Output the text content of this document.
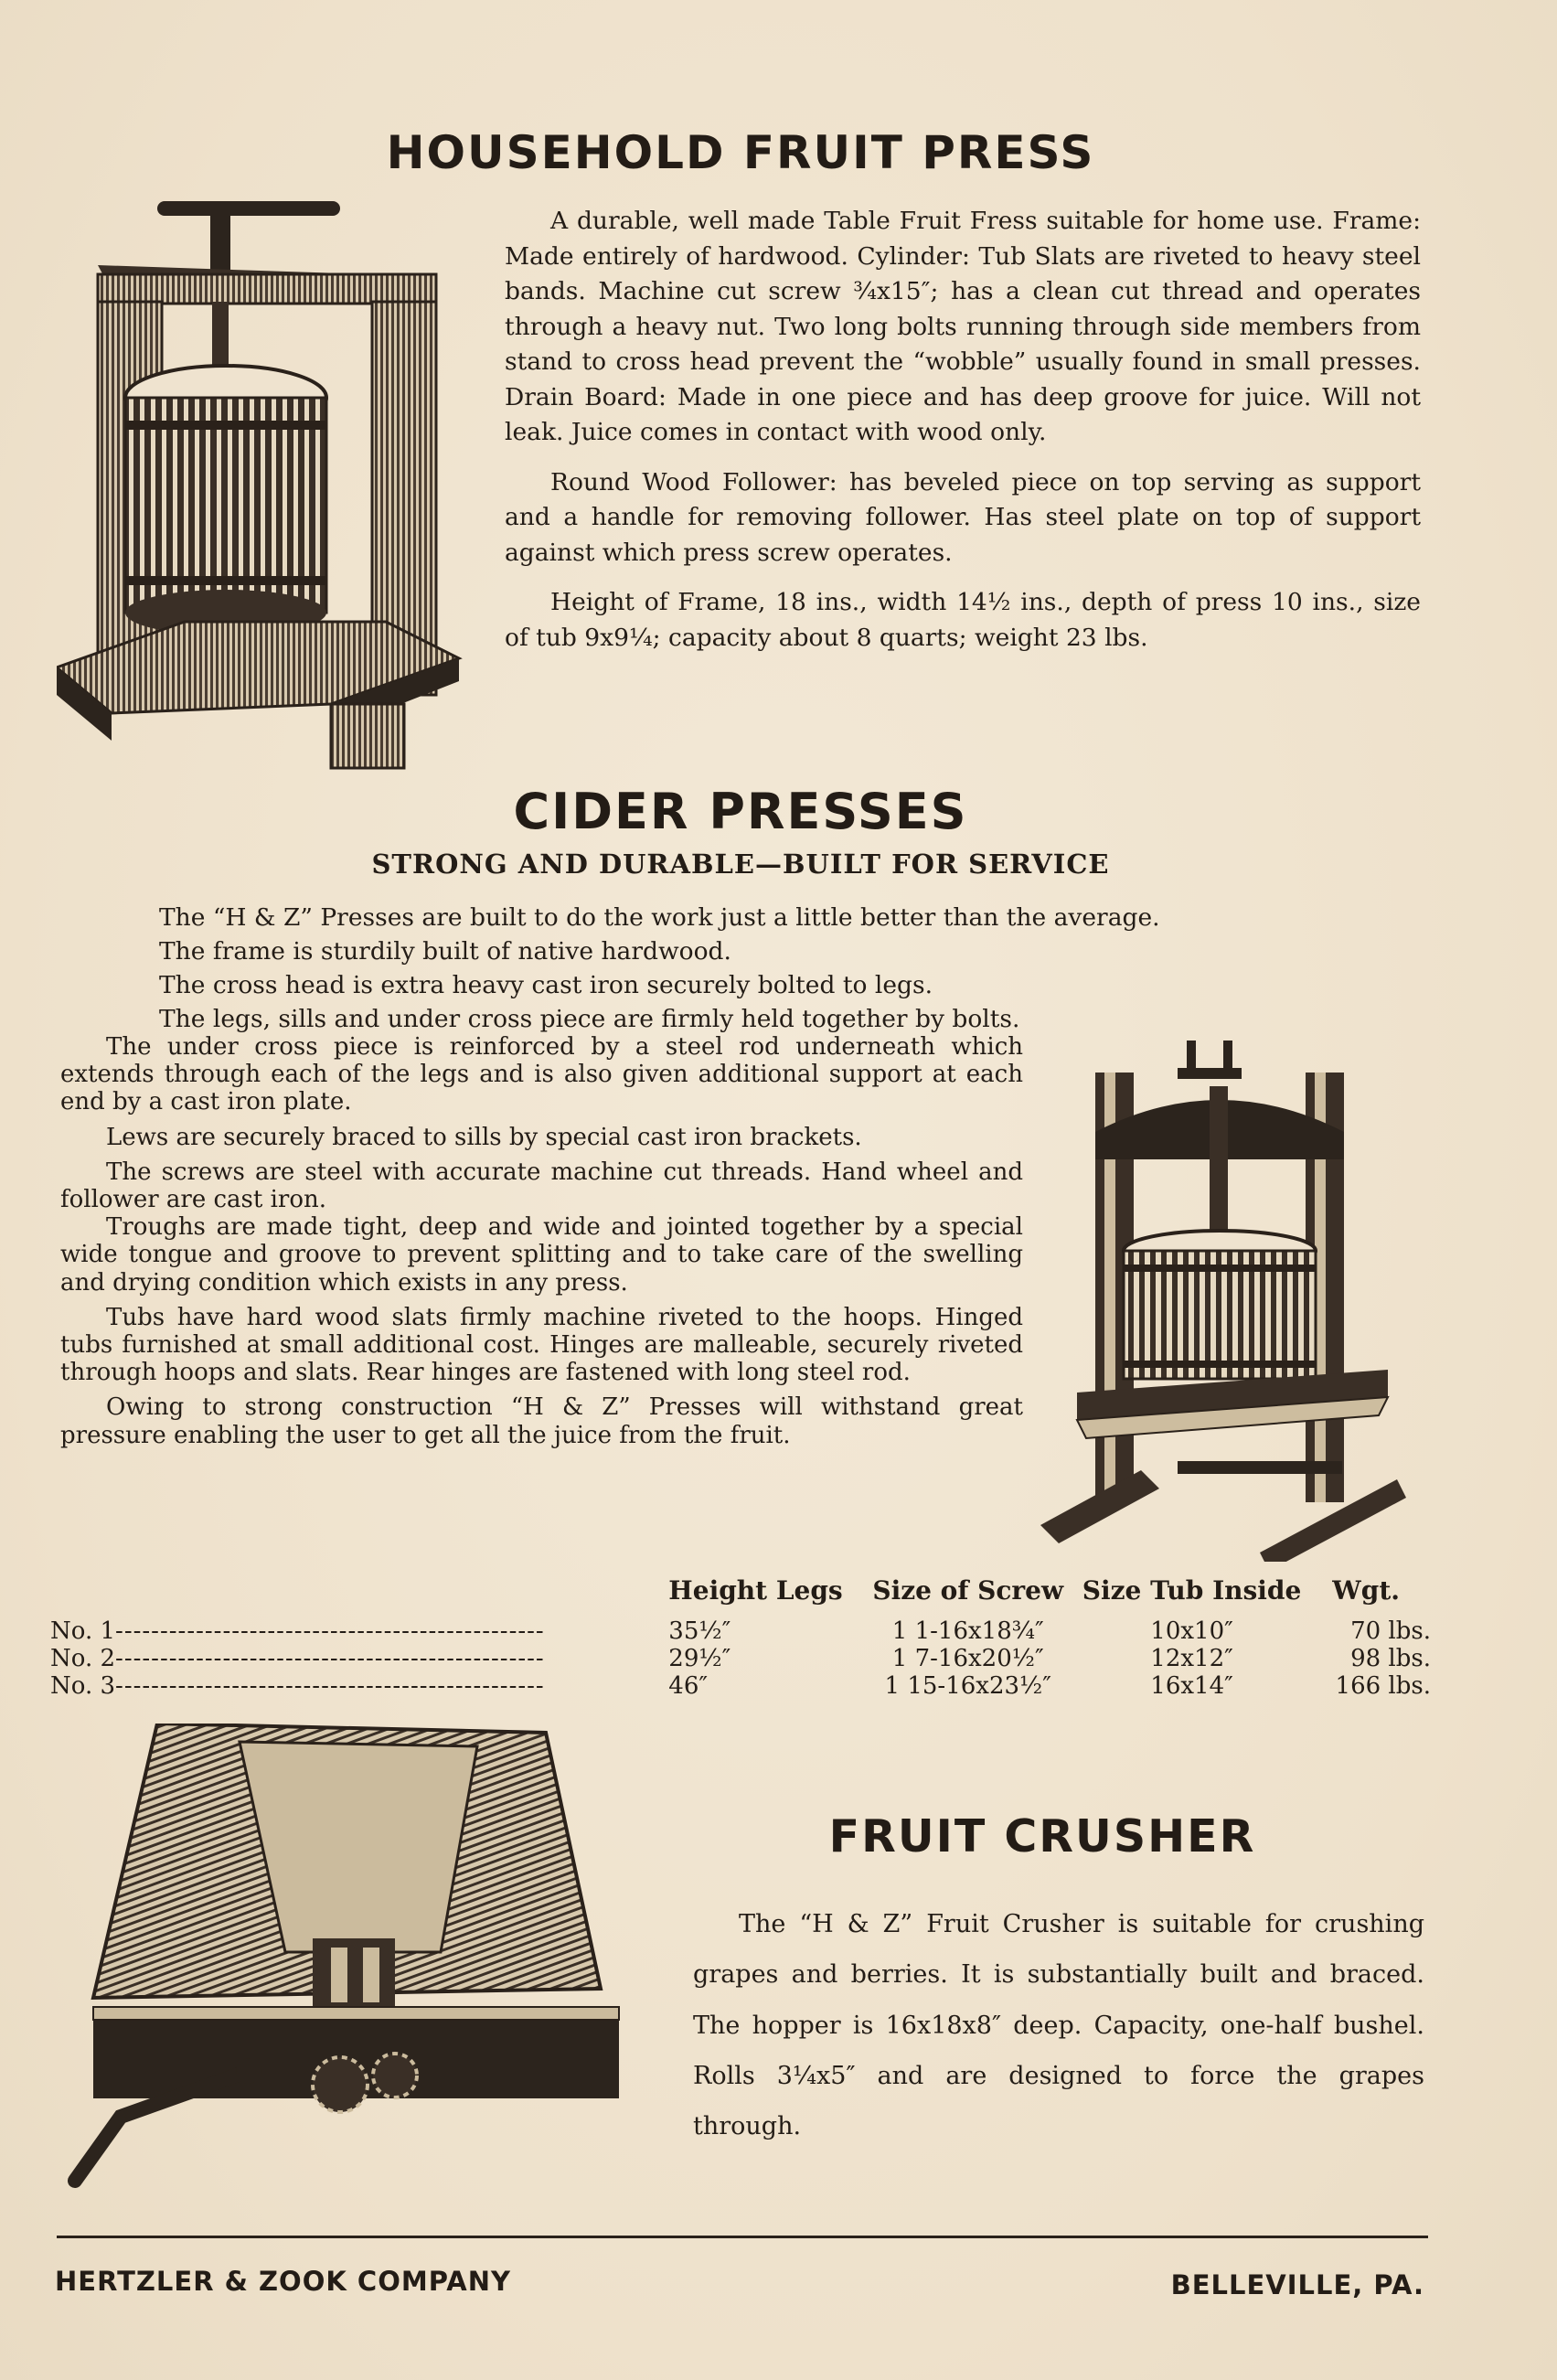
HOUSEHOLD FRUIT PRESS

A durable, well made Table Fruit Fress suitable for home use. Frame: Made entirely of hardwood. Cylinder: Tub Slats are riveted to heavy steel bands. Machine cut screw ¾x15″; has a clean cut thread and operates through a heavy nut. Two long bolts running through side members from stand to cross head prevent the “wobble” usually found in small presses. Drain Board: Made in one piece and has deep groove for juice. Will not leak. Juice comes in contact with wood only.

Round Wood Follower: has beveled piece on top serving as support and a handle for removing follower. Has steel plate on top of support against which press screw operates.

Height of Frame, 18 ins., width 14½ ins., depth of press 10 ins., size of tub 9x9¼; capacity about 8 quarts; weight 23 lbs.

CIDER PRESSES
STRONG AND DURABLE—BUILT FOR SERVICE

The “H & Z” Presses are built to do the work just a little better than the average.

The frame is sturdily built of native hardwood.

The cross head is extra heavy cast iron securely bolted to legs.

The legs, sills and under cross piece are firmly held together by bolts.

The under cross piece is reinforced by a steel rod underneath which extends through each of the legs and is also given additional support at each end by a cast iron plate.

Lews are securely braced to sills by special cast iron brackets.

The screws are steel with accurate machine cut threads. Hand wheel and follower are cast iron.

Troughs are made tight, deep and wide and jointed together by a special wide tongue and groove to prevent splitting and to take care of the swelling and drying condition which exists in any press.

Tubs have hard wood slats firmly machine riveted to the hoops. Hinged tubs furnished at small additional cost. Hinges are malleable, securely riveted through hoops and slats. Rear hinges are fastened with long steel rod.

Owing to strong construction “H & Z” Presses will withstand great pressure enabling the user to get all the juice from the fruit.

	Height Legs	Size of Screw	Size Tub Inside	Wgt.
No. 1------------------------------------------------	35½″	1 1-16x18¾″	10x10″	70 lbs.
No. 2------------------------------------------------	29½″	1 7-16x20½″	12x12″	98 lbs.
No. 3------------------------------------------------	46″	1 15-16x23½″	16x14″	166 lbs.
FRUIT CRUSHER

The “H & Z” Fruit Crusher is suitable for crushing grapes and berries. It is substantially built and braced. The hopper is 16x18x8″ deep. Capacity, one-half bushel. Rolls 3¼x5″ and are designed to force the grapes through.

HERTZLER & ZOOK COMPANY	BELLEVILLE, PA.
